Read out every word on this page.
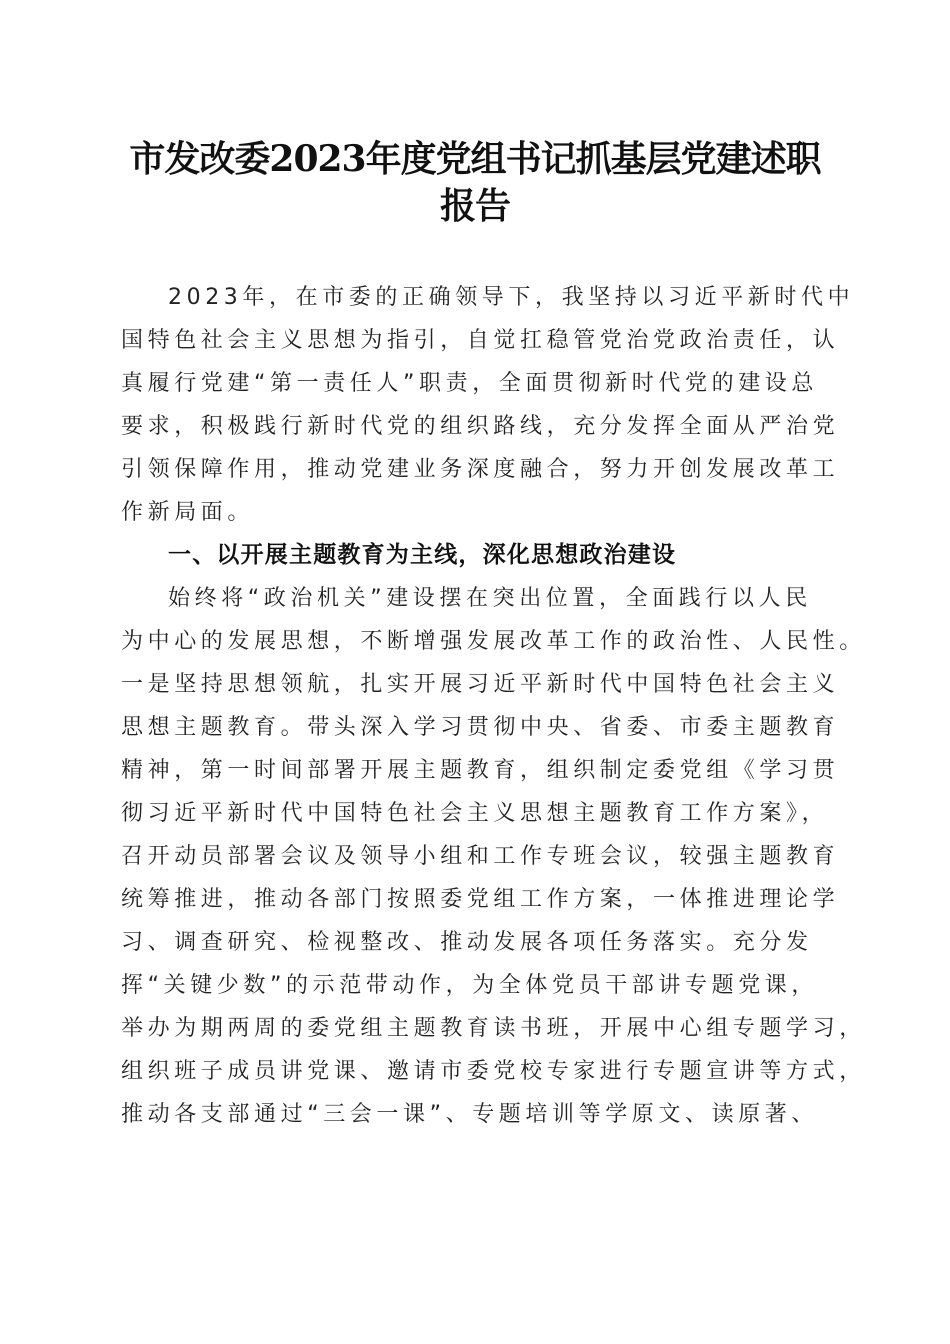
市发改委2023年度党组书记抓基层党建述职
报告
2023年，在市委的正确领导下，我坚持以习近平新时代中
国特色社会主义思想为指引，自觉扛稳管党治党政治责任，认
真履行党建“第一责任人”职责，全面贯彻新时代党的建设总
要求，积极践行新时代党的组织路线，充分发挥全面从严治党
引领保障作用，推动党建业务深度融合，努力开创发展改革工
作新局面。
一、以开展主题教育为主线，深化思想政治建设
始终将“政治机关”建设摆在突出位置，全面践行以人民
为中心的发展思想，不断增强发展改革工作的政治性、人民性。
一是坚持思想领航，扎实开展习近平新时代中国特色社会主义
思想主题教育。带头深入学习贯彻中央、省委、市委主题教育
精神，第一时间部署开展主题教育，组织制定委党组《学习贯
彻习近平新时代中国特色社会主义思想主题教育工作方案》，
召开动员部署会议及领导小组和工作专班会议，较强主题教育
统筹推进，推动各部门按照委党组工作方案，一体推进理论学
习、调查研究、检视整改、推动发展各项任务落实。充分发
挥“关键少数”的示范带动作，为全体党员干部讲专题党课，
举办为期两周的委党组主题教育读书班，开展中心组专题学习，
组织班子成员讲党课、邀请市委党校专家进行专题宣讲等方式，
推动各支部通过“三会一课”、专题培训等学原文、读原著、
